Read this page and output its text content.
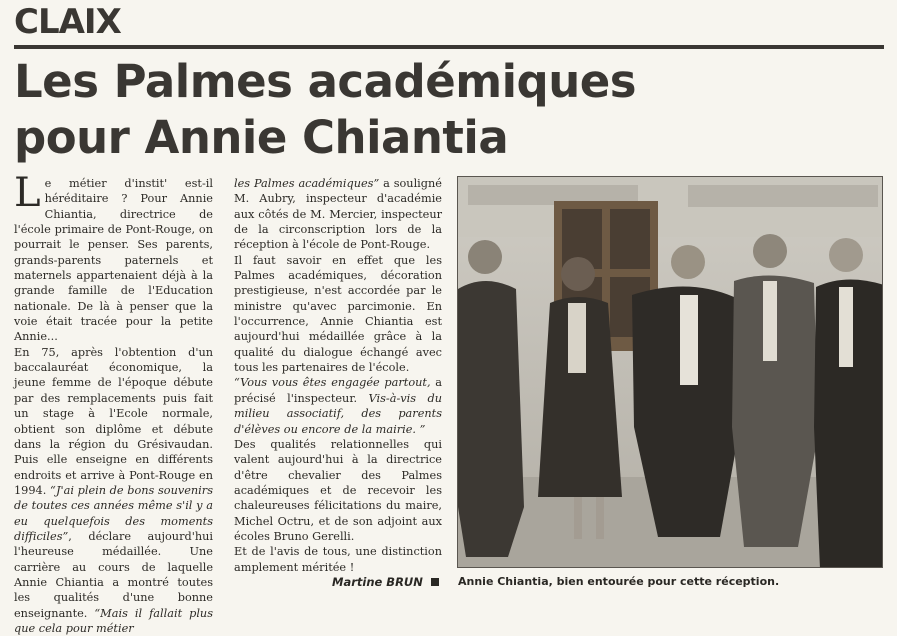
CLAIX
Les Palmes académiques
pour Annie Chiantia

Le métier d'instit' est-il héréditaire ? Pour Annie Chiantia, directrice de l'école primaire de Pont-Rouge, on pourrait le penser. Ses parents, grands-parents paternels et maternels appartenaient déjà à la grande famille de l'Education nationale. De là à penser que la voie était tracée pour la petite Annie...

En 75, après l'obtention d'un baccalauréat économique, la jeune femme de l'époque débute par des remplacements puis fait un stage à l'Ecole normale, obtient son diplôme et débute dans la région du Grésivaudan. Puis elle enseigne en différents endroits et arrive à Pont-Rouge en 1994. “J'ai plein de bons souvenirs de toutes ces années même s'il y a eu quelquefois des moments difficiles”, déclare aujourd'hui l'heureuse médaillée. Une carrière au cours de laquelle Annie Chiantia a montré toutes les qualités d'une bonne enseignante. “Mais il fallait plus que cela pour métier

les Palmes académiques” a souligné M. Aubry, inspecteur d'académie aux côtés de M. Mercier, inspecteur de la circonscription lors de la réception à l'école de Pont-Rouge.

Il faut savoir en effet que les Palmes académiques, décoration prestigieuse, n'est accordée par le ministre qu'avec parcimonie. En l'occurrence, Annie Chiantia est aujourd'hui médaillée grâce à la qualité du dialogue échangé avec tous les partenaires de l'école.

“Vous vous êtes engagée partout, a précisé l'inspecteur. Vis-à-vis du milieu associatif, des parents d'élèves ou encore de la mairie. ”

Des qualités relationnelles qui valent aujourd'hui à la directrice d'être chevalier des Palmes académiques et de recevoir les chaleureuses félicitations du maire, Michel Octru, et de son adjoint aux écoles Bruno Gerelli.

Et de l'avis de tous, une distinction amplement méritée !

Martine BRUN	Annie Chiantia, bien entourée pour cette réception.
